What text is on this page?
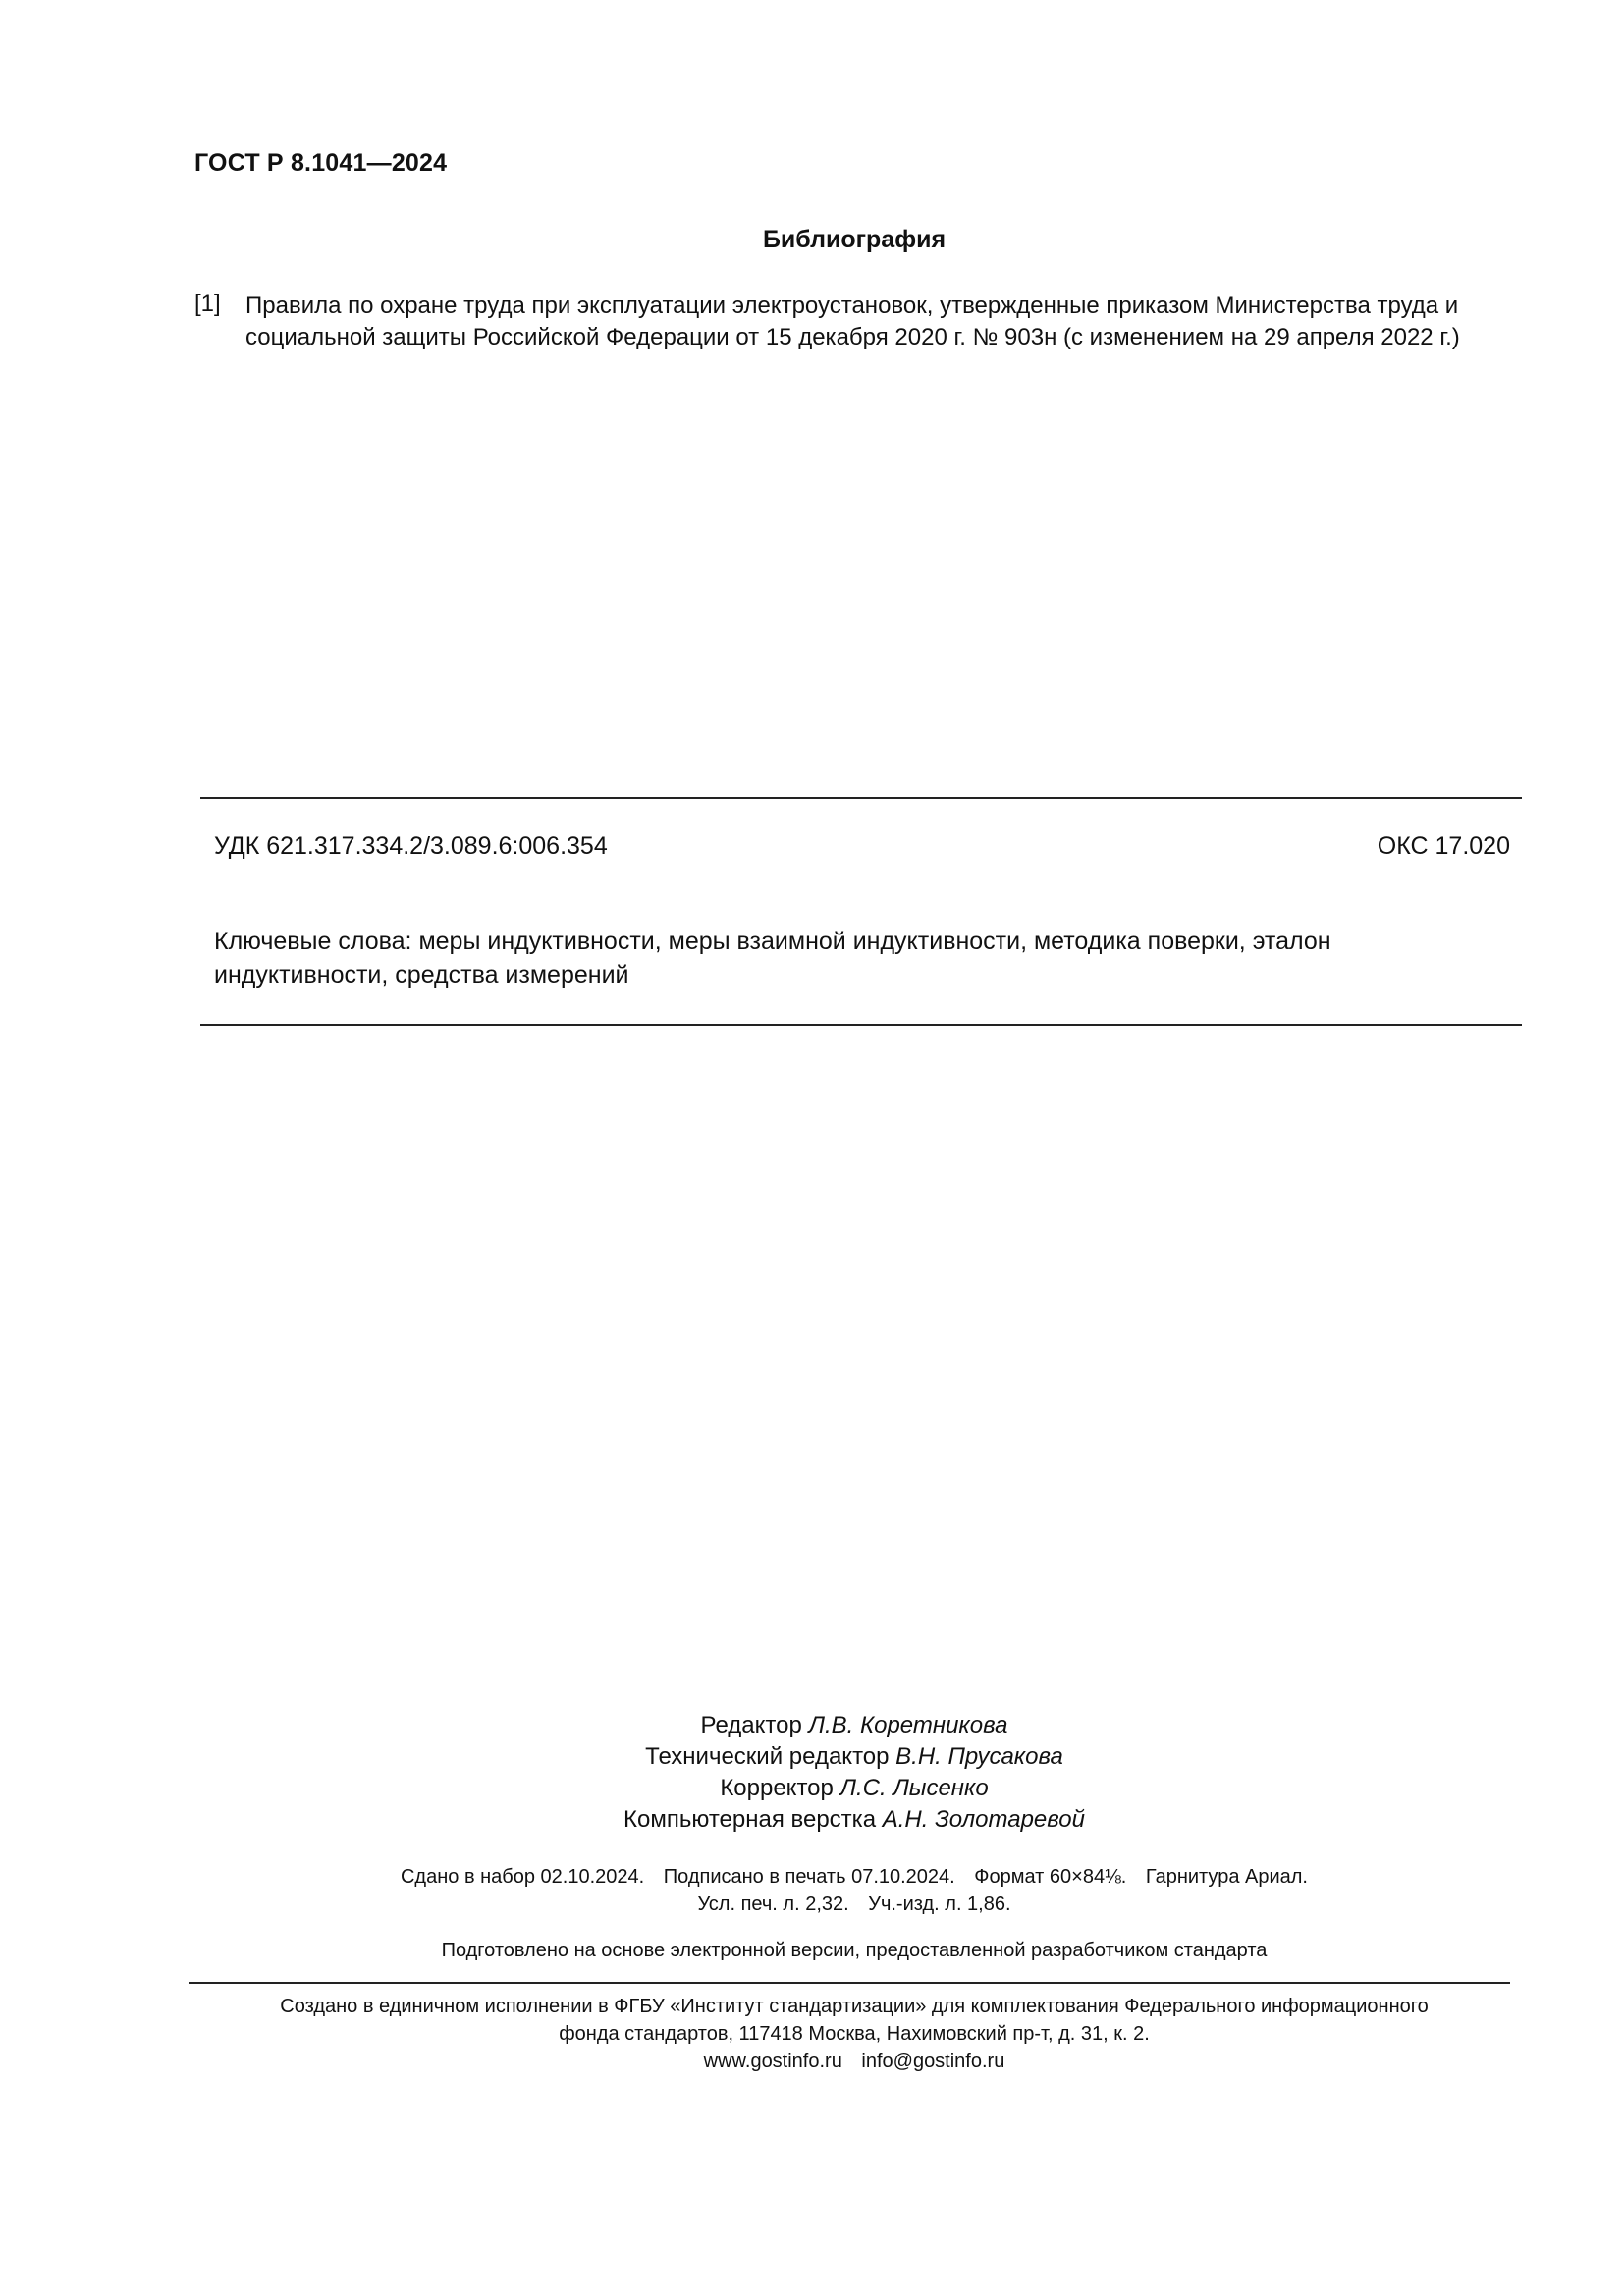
ГОСТ Р 8.1041—2024
Библиография
[1] Правила по охране труда при эксплуатации электроустановок, утвержденные приказом Министерства труда и социальной защиты Российской Федерации от 15 декабря 2020 г. № 903н (с изменением на 29 апреля 2022 г.)
УДК 621.317.334.2/3.089.6:006.354	ОКС 17.020
Ключевые слова: меры индуктивности, меры взаимной индуктивности, методика поверки, эталон индуктивности, средства измерений
Редактор Л.В. Коретникова
Технический редактор В.Н. Прусакова
Корректор Л.С. Лысенко
Компьютерная верстка А.Н. Золотаревой
Сдано в набор 02.10.2024. Подписано в печать 07.10.2024. Формат 60×84⅛. Гарнитура Ариал.
Усл. печ. л. 2,32. Уч.-изд. л. 1,86.
Подготовлено на основе электронной версии, предоставленной разработчиком стандарта
Создано в единичном исполнении в ФГБУ «Институт стандартизации» для комплектования Федерального информационного
фонда стандартов, 117418 Москва, Нахимовский пр-т, д. 31, к. 2.
www.gostinfo.ru info@gostinfo.ru
